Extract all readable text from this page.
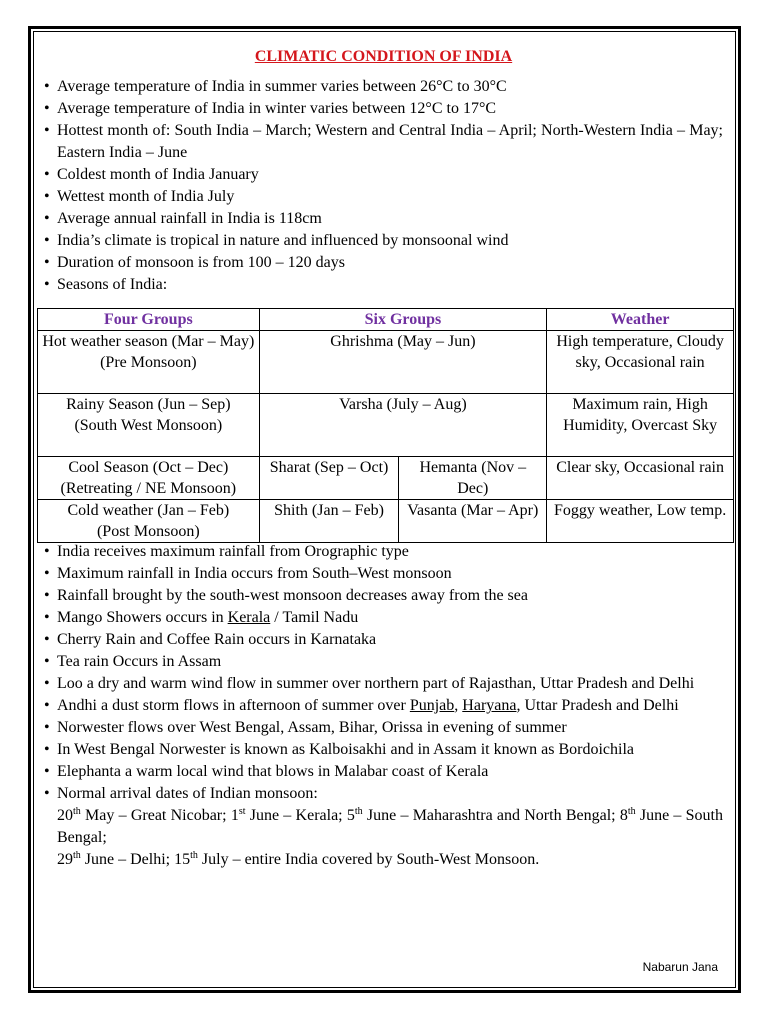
CLIMATIC CONDITION OF INDIA
• Average temperature of India in summer varies between 26°C to 30°C
• Average temperature of India in winter varies between 12°C to 17°C
• Hottest month of: South India – March; Western and Central India – April; North-Western India – May; Eastern India – June
• Coldest month of India January
• Wettest month of India July
• Average annual rainfall in India is 118cm
• India’s climate is tropical in nature and influenced by monsoonal wind
• Duration of monsoon is from 100 – 120 days
• Seasons of India:
Four Groups	Six Groups		Weather

Hot weather season (Mar – May)
(Pre Monsoon)	Ghrishma (May – Jun)		High temperature, Cloudy sky, Occasional rain

Rainy Season (Jun – Sep)
(South West Monsoon)	Varsha (July – Aug)		Maximum rain, High Humidity, Overcast Sky

Cool Season (Oct – Dec)
(Retreating / NE Monsoon)	Sharat (Sep – Oct)	Hemanta (Nov – Dec)	Clear sky, Occasional rain

Cold weather (Jan – Feb)
(Post Monsoon)	Shith (Jan – Feb)	Vasanta (Mar – Apr)	Foggy weather, Low temp.
• India receives maximum rainfall from Orographic type
• Maximum rainfall in India occurs from South–West monsoon
• Rainfall brought by the south-west monsoon decreases away from the sea
• Mango Showers occurs in Kerala / Tamil Nadu
• Cherry Rain and Coffee Rain occurs in Karnataka
• Tea rain Occurs in Assam
• Loo a dry and warm wind flow in summer over northern part of Rajasthan, Uttar Pradesh and Delhi
• Andhi a dust storm flows in afternoon of summer over Punjab, Haryana, Uttar Pradesh and Delhi
• Norwester flows over West Bengal, Assam, Bihar, Orissa in evening of summer
• In West Bengal Norwester is known as Kalboisakhi and in Assam it known as Bordoichila
• Elephanta a warm local wind that blows in Malabar coast of Kerala
• Normal arrival dates of Indian monsoon:
20th May – Great Nicobar; 1st June – Kerala; 5th June – Maharashtra and North Bengal; 8th June – South Bengal;
29th June – Delhi; 15th July – entire India covered by South-West Monsoon.
Nabarun Jana
